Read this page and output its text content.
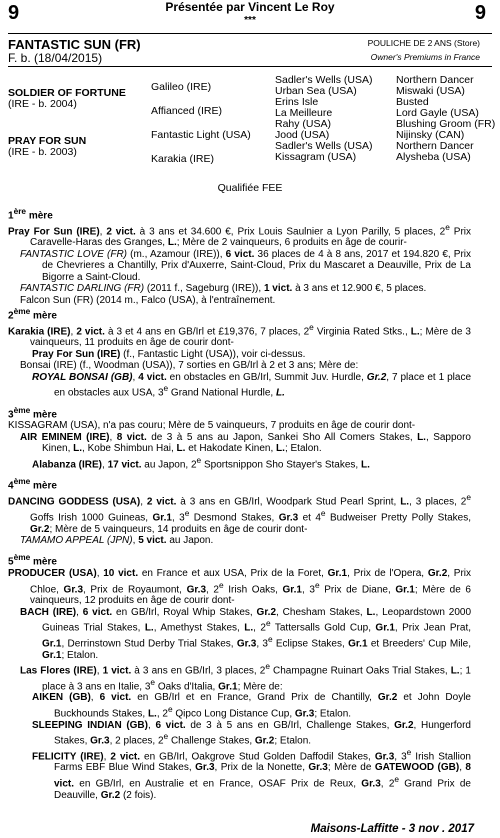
9	9
Présentée par Vincent Le Roy
***
FANTASTIC SUN (FR)
F. b. (18/04/2015)
POULICHE DE 2 ANS (Store)
Owner's Premiums in France
SOLDIER OF FORTUNE
(IRE - b. 2004)
PRAY FOR SUN
(IRE - b. 2003)
Galileo (IRE)
Affianced (IRE)
Fantastic Light (USA)
Karakia (IRE)
Sadler's Wells (USA)
Urban Sea (USA)
Erins Isle
La Meilleure
Rahy (USA)
Jood (USA)
Sadler's Wells (USA)
Kissagram (USA)
Northern Dancer
Miswaki (USA)
Busted
Lord Gayle (USA)
Blushing Groom (FR)
Nijinsky (CAN)
Northern Dancer
Alysheba (USA)
Qualifiée FEE

1ère mère

Pray For Sun (IRE), 2 vict. à 3 ans et 34.600 €, Prix Louis Saulnier a Lyon Parilly, 5 places, 2e Prix Caravelle-Haras des Granges, L.; Mère de 2 vainqueurs, 6 produits en âge de courir-

FANTASTIC LOVE (FR) (m., Azamour (IRE)), 6 vict. 36 places de 4 à 8 ans, 2017 et 194.820 €, Prix de Chevrieres a Chantilly, Prix d'Auxerre, Saint-Cloud, Prix du Mascaret a Deauville, Prix de La Bigorre a Saint-Cloud.

FANTASTIC DARLING (FR) (2011 f., Sageburg (IRE)), 1 vict. à 3 ans et 12.900 €, 5 places.

Falcon Sun (FR) (2014 m., Falco (USA), à l'entraînement.

2ème mère

Karakia (IRE), 2 vict. à 3 et 4 ans en GB/Irl et £19,376, 7 places, 2e Virginia Rated Stks., L.; Mère de 3 vainqueurs, 11 produits en âge de courir dont-

Pray For Sun (IRE) (f., Fantastic Light (USA)), voir ci-dessus.

Bonsai (IRE) (f., Woodman (USA)), 7 sorties en GB/Irl à 2 et 3 ans; Mère de:

ROYAL BONSAI (GB), 4 vict. en obstacles en GB/Irl, Summit Juv. Hurdle, Gr.2, 7 place et 1 place en obstacles aux USA, 3e Grand National Hurdle, L.

3ème mère

KISSAGRAM (USA), n'a pas couru; Mère de 5 vainqueurs, 7 produits en âge de courir dont-

AIR EMINEM (IRE), 8 vict. de 3 à 5 ans au Japon, Sankei Sho All Comers Stakes, L., Sapporo Kinen, L., Kobe Shimbun Hai, L. et Hakodate Kinen, L.; Etalon.

Alabanza (IRE), 17 vict. au Japon, 2e Sportsnippon Sho Stayer's Stakes, L.

4ème mère

DANCING GODDESS (USA), 2 vict. à 3 ans en GB/Irl, Woodpark Stud Pearl Sprint, L., 3 places, 2e Goffs Irish 1000 Guineas, Gr.1, 3e Desmond Stakes, Gr.3 et 4e Budweiser Pretty Polly Stakes, Gr.2; Mère de 5 vainqueurs, 14 produits en âge de courir dont-

TAMAMO APPEAL (JPN), 5 vict. au Japon.

5ème mère

PRODUCER (USA), 10 vict. en France et aux USA, Prix de la Foret, Gr.1, Prix de l'Opera, Gr.2, Prix Chloe, Gr.3, Prix de Royaumont, Gr.3, 2e Irish Oaks, Gr.1, 3e Prix de Diane, Gr.1; Mère de 6 vainqueurs, 12 produits en âge de courir dont-

BACH (IRE), 6 vict. en GB/Irl, Royal Whip Stakes, Gr.2, Chesham Stakes, L., Leopardstown 2000 Guineas Trial Stakes, L., Amethyst Stakes, L., 2e Tattersalls Gold Cup, Gr.1, Prix Jean Prat, Gr.1, Derrinstown Stud Derby Trial Stakes, Gr.3, 3e Eclipse Stakes, Gr.1 et Breeders' Cup Mile, Gr.1; Etalon.

Las Flores (IRE), 1 vict. à 3 ans en GB/Irl, 3 places, 2e Champagne Ruinart Oaks Trial Stakes, L.; 1 place à 3 ans en Italie, 3e Oaks d'Italia, Gr.1; Mère de:

AIKEN (GB), 6 vict. en GB/Irl et en France, Grand Prix de Chantilly, Gr.2 et John Doyle Buckhounds Stakes, L., 2e Qipco Long Distance Cup, Gr.3; Etalon.

SLEEPING INDIAN (GB), 6 vict. de 3 à 5 ans en GB/Irl, Challenge Stakes, Gr.2, Hungerford Stakes, Gr.3, 2 places, 2e Challenge Stakes, Gr.2; Etalon.

FELICITY (IRE), 2 vict. en GB/Irl, Oakgrove Stud Golden Daffodil Stakes, Gr.3, 3e Irish Stallion Farms EBF Blue Wind Stakes, Gr.3, Prix de la Nonette, Gr.3; Mère de GATEWOOD (GB), 8 vict. en GB/Irl, en Australie et en France, OSAF Prix de Reux, Gr.3, 2e Grand Prix de Deauville, Gr.2 (2 fois).

Maisons-Laffitte - 3 nov . 2017
